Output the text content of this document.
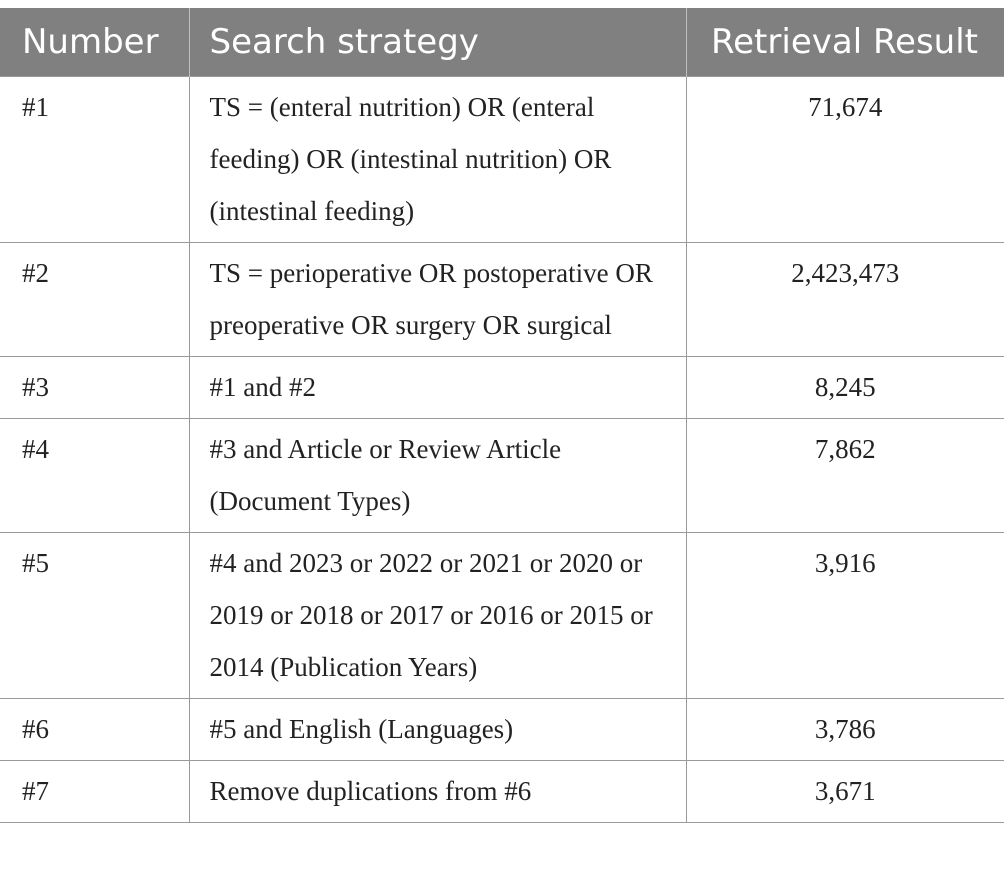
Number	Search strategy	Retrieval Result
#1	TS = (enteral nutrition) OR (enteral feeding) OR (intestinal nutrition) OR (intestinal feeding)	71,674
#2	TS = perioperative OR postoperative OR preoperative OR surgery OR surgical	2,423,473
#3	#1 and #2	8,245
#4	#3 and Article or Review Article (Document Types)	7,862
#5	#4 and 2023 or 2022 or 2021 or 2020 or 2019 or 2018 or 2017 or 2016 or 2015 or 2014 (Publication Years)	3,916
#6	#5 and English (Languages)	3,786
#7	Remove duplications from #6	3,671
